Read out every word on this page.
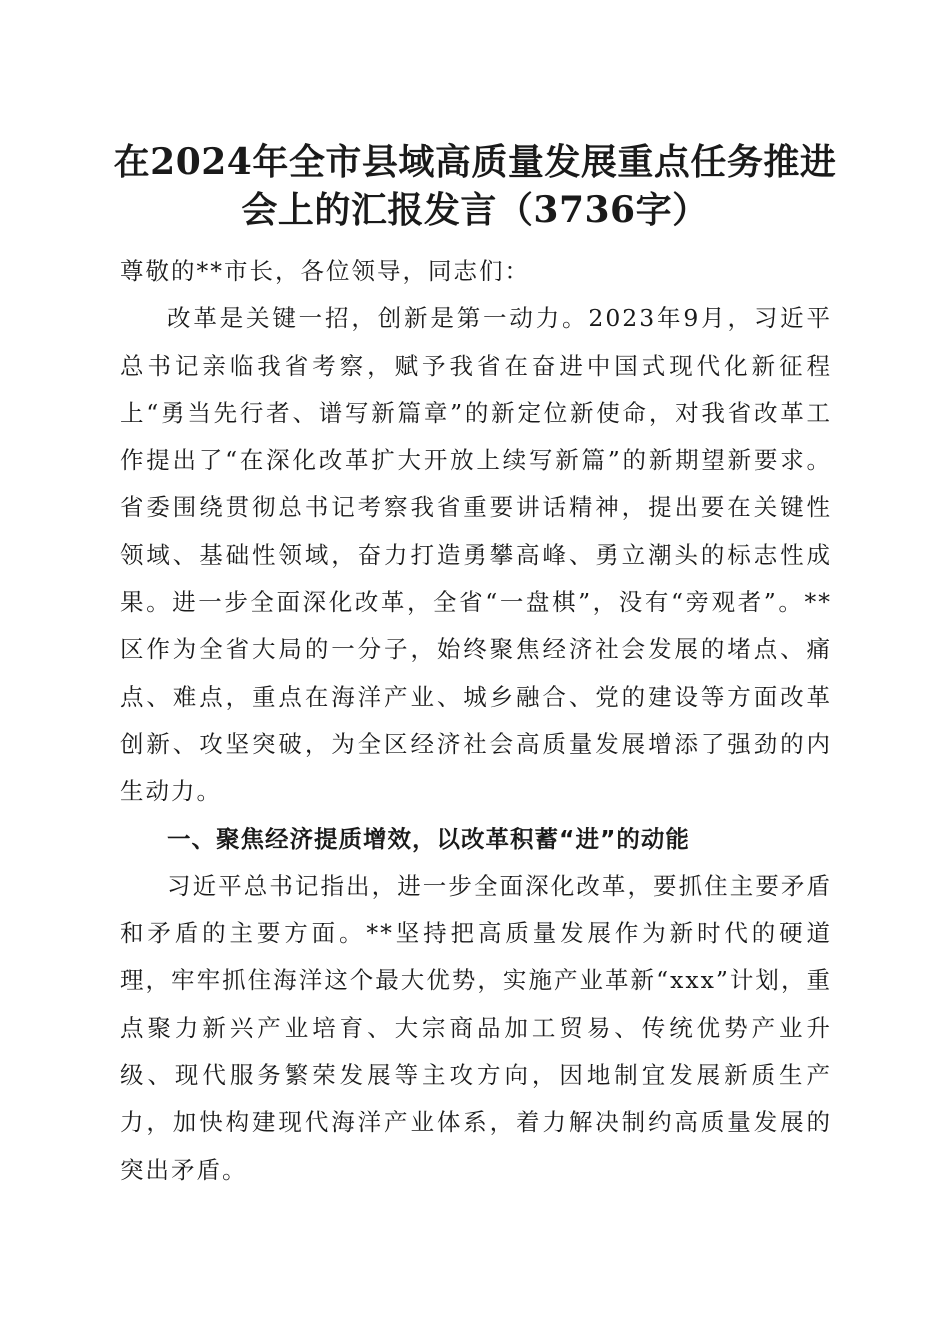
在2024年全市县域高质量发展重点任务推进
会上的汇报发言（3736字）

尊敬的**市长，各位领导，同志们：

改革是关键一招，创新是第一动力。2023年9月，习近平总书记亲临我省考察，赋予我省在奋进中国式现代化新征程上“勇当先行者、谱写新篇章”的新定位新使命，对我省改革工作提出了“在深化改革扩大开放上续写新篇”的新期望新要求。省委围绕贯彻总书记考察我省重要讲话精神，提出要在关键性领域、基础性领域，奋力打造勇攀高峰、勇立潮头的标志性成果。进一步全面深化改革，全省“一盘棋”，没有“旁观者”。**区作为全省大局的一分子，始终聚焦经济社会发展的堵点、痛点、难点，重点在海洋产业、城乡融合、党的建设等方面改革创新、攻坚突破，为全区经济社会高质量发展增添了强劲的内生动力。

一、聚焦经济提质增效，以改革积蓄“进”的动能

习近平总书记指出，进一步全面深化改革，要抓住主要矛盾和矛盾的主要方面。**坚持把高质量发展作为新时代的硬道理，牢牢抓住海洋这个最大优势，实施产业革新“xxx”计划，重点聚力新兴产业培育、大宗商品加工贸易、传统优势产业升级、现代服务繁荣发展等主攻方向，因地制宜发展新质生产力，加快构建现代海洋产业体系，着力解决制约高质量发展的突出矛盾。
